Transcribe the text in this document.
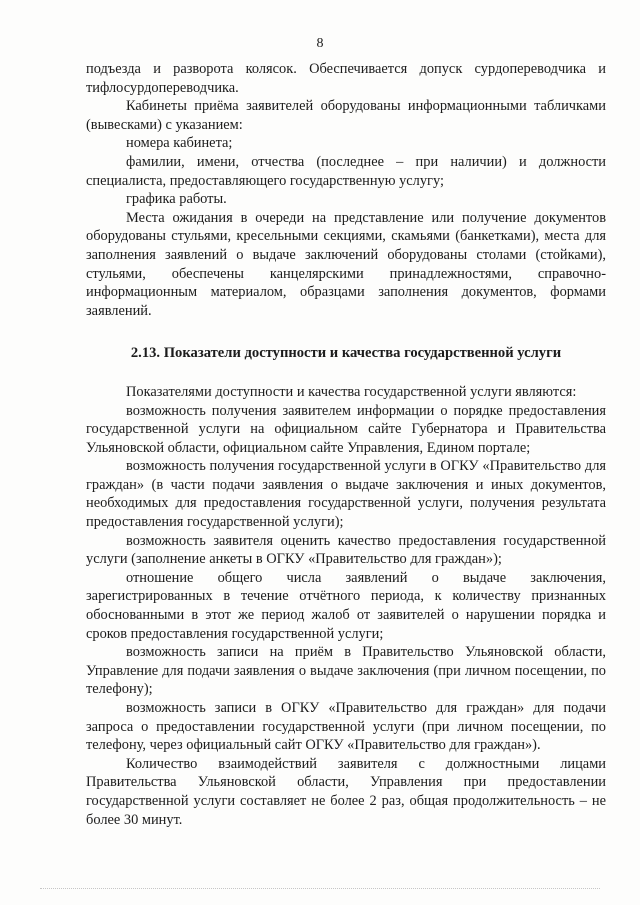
8

подъезда и разворота колясок. Обеспечивается допуск сурдопереводчика и тифлосурдопереводчика.

Кабинеты приёма заявителей оборудованы информационными табличками (вывесками) с указанием:

номера кабинета;

фамилии, имени, отчества (последнее – при наличии) и должности специалиста, предоставляющего государственную услугу;

графика работы.

Места ожидания в очереди на представление или получение документов оборудованы стульями, кресельными секциями, скамьями (банкетками), места для заполнения заявлений о выдаче заключений оборудованы столами (стойками), стульями, обеспечены канцелярскими принадлежностями, справочно-информационным материалом, образцами заполнения документов, формами заявлений.

2.13. Показатели доступности и качества государственной услуги

Показателями доступности и качества государственной услуги являются:

возможность получения заявителем информации о порядке предоставления государственной услуги на официальном сайте Губернатора и Правительства Ульяновской области, официальном сайте Управления, Едином портале;

возможность получения государственной услуги в ОГКУ «Правительство для граждан» (в части подачи заявления о выдаче заключения и иных документов, необходимых для предоставления государственной услуги, получения результата предоставления государственной услуги);

возможность заявителя оценить качество предоставления государственной услуги (заполнение анкеты в ОГКУ «Правительство для граждан»);

отношение общего числа заявлений о выдаче заключения, зарегистрированных в течение отчётного периода, к количеству признанных обоснованными в этот же период жалоб от заявителей о нарушении порядка и сроков предоставления государственной услуги;

возможность записи на приём в Правительство Ульяновской области, Управление для подачи заявления о выдаче заключения (при личном посещении, по телефону);

возможность записи в ОГКУ «Правительство для граждан» для подачи запроса о предоставлении государственной услуги (при личном посещении, по телефону, через официальный сайт ОГКУ «Правительство для граждан»).

Количество взаимодействий заявителя с должностными лицами Правительства Ульяновской области, Управления при предоставлении государственной услуги составляет не более 2 раз, общая продолжительность – не более 30 минут.
